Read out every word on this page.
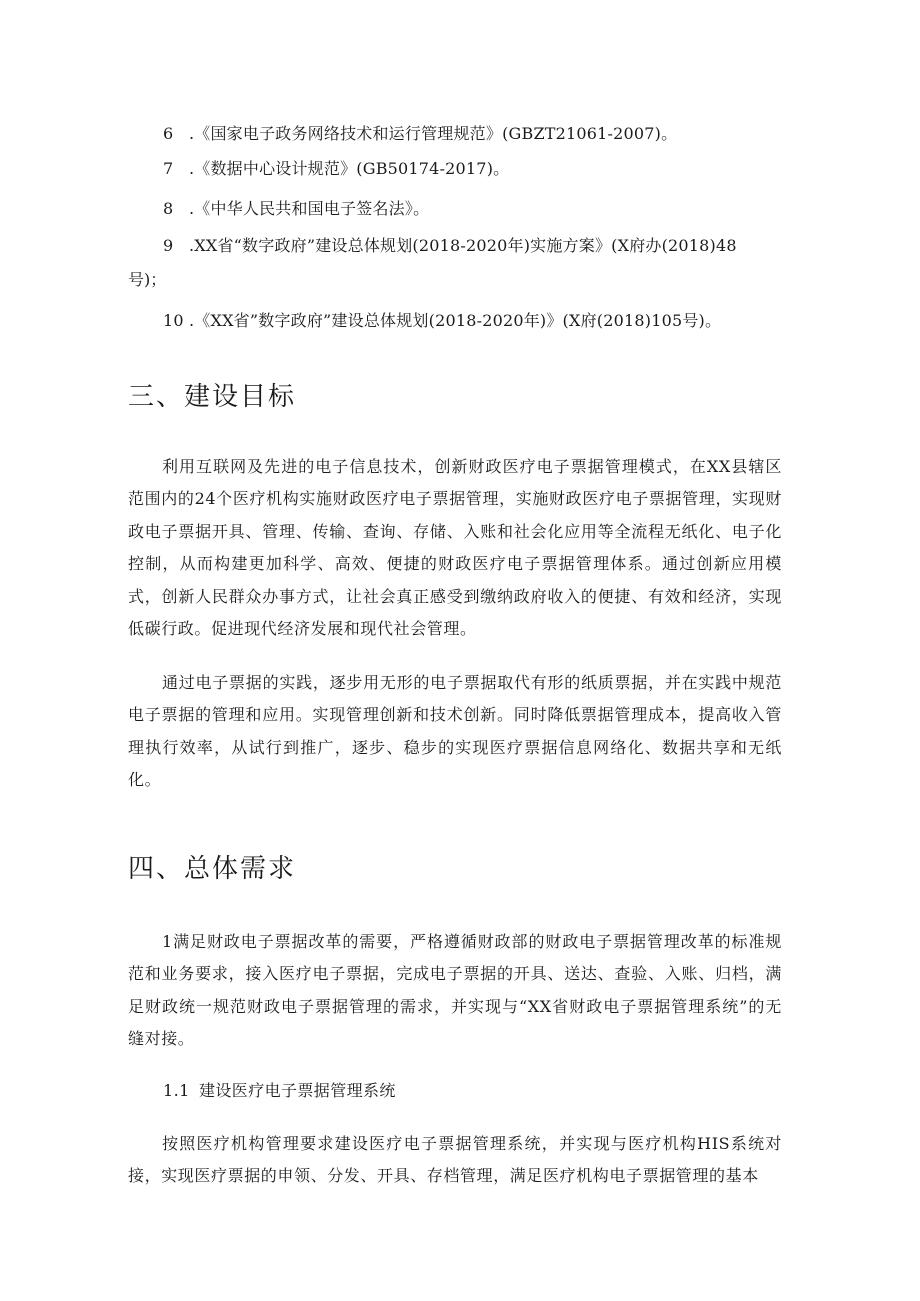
6 .《国家电子政务网络技术和运行管理规范》(GBZT21061-2007)。
7 .《数据中心设计规范》(GB50174-2017)。
8 .《中华人民共和国电子签名法》。
9 .XX省“数字政府”建设总体规划(2018-2020年)实施方案》(X府办(2018)48
号)；
10 .《XX省”数字政府”建设总体规划(2018-2020年)》(X府(2018)105号)。
三、建设目标

利用互联网及先进的电子信息技术，创新财政医疗电子票据管理模式，在XX县辖区范围内的24个医疗机构实施财政医疗电子票据管理，实施财政医疗电子票据管理，实现财政电子票据开具、管理、传输、查询、存储、入账和社会化应用等全流程无纸化、电子化控制，从而构建更加科学、高效、便捷的财政医疗电子票据管理体系。通过创新应用模式，创新人民群众办事方式，让社会真正感受到缴纳政府收入的便捷、有效和经济，实现低碳行政。促进现代经济发展和现代社会管理。

通过电子票据的实践，逐步用无形的电子票据取代有形的纸质票据，并在实践中规范电子票据的管理和应用。实现管理创新和技术创新。同时降低票据管理成本，提高收入管理执行效率，从试行到推广，逐步、稳步的实现医疗票据信息网络化、数据共享和无纸化。

四、总体需求

1满足财政电子票据改革的需要，严格遵循财政部的财政电子票据管理改革的标准规范和业务要求，接入医疗电子票据，完成电子票据的开具、送达、查验、入账、归档，满足财政统一规范财政电子票据管理的需求，并实现与“XX省财政电子票据管理系统”的无缝对接。

1.1 建设医疗电子票据管理系统

按照医疗机构管理要求建设医疗电子票据管理系统，并实现与医疗机构HIS系统对接，实现医疗票据的申领、分发、开具、存档管理，满足医疗机构电子票据管理的基本
